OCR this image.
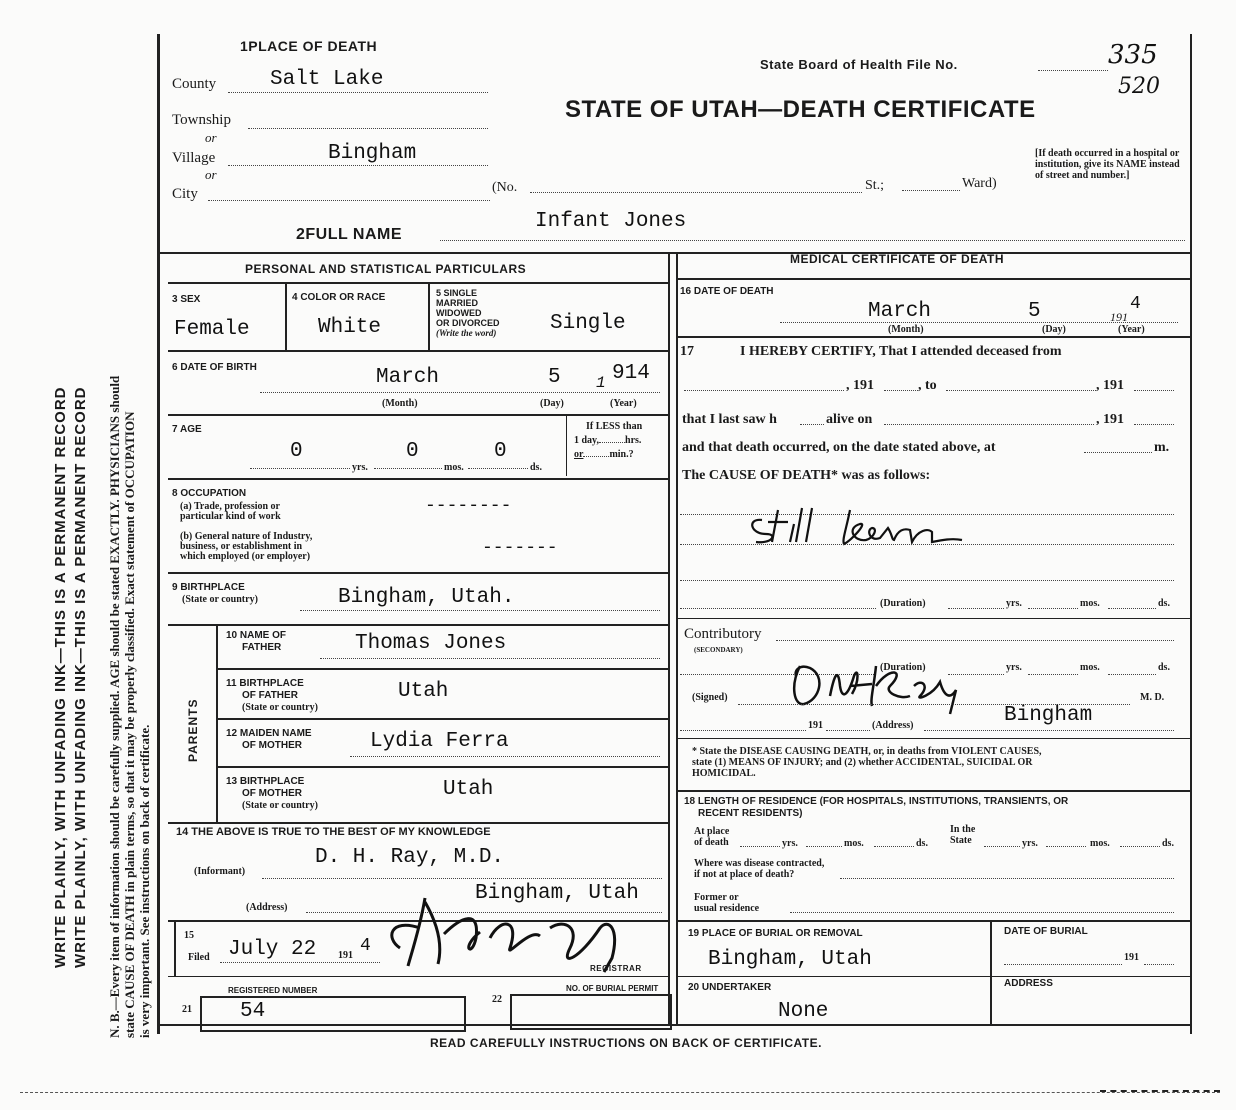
WRITE PLAINLY, WITH UNFADING INK—THIS IS A PERMANENT RECORD WRITE PLAINLY, WITH UNFADING INK—THIS IS A PERMANENT RECORD N. B.—Every item of information should be carefully supplied. AGE should be stated EXACTLY. PHYSICIANS should state CAUSE OF DEATH in plain terms, so that it may be properly classified. Exact statement of OCCUPATION is very important. See instructions on back of certificate.
1PLACE OF DEATH
County	Salt Lake
Township
or
Village	Bingham
or
City	(No.	St.;	Ward)
[If death occurred in a hospital or institution, give its NAME instead of street and number.]
State Board of Health File No.	335
520
STATE OF UTAH—DEATH CERTIFICATE
2FULL NAME
Infant Jones
PERSONAL AND STATISTICAL PARTICULARS
3 SEX
Female
4 COLOR OR RACE
White
5 SINGLE
MARRIED
WIDOWED
OR DIVORCED
(Write the word)	Single
6 DATE OF BIRTH	March	5 1 914
(Month)	(Day)	(Year)
7 AGE
0	0	0
yrs.	mos.	ds.
If LESS than
1 day,	hrs.
or	min.?
8 OCCUPATION
(a) Trade, profession or
particular kind of work
--------
(b) General nature of Industry,
business, or establishment in
which employed (or employer)	-------
9 BIRTHPLACE
(State or country)	Bingham, Utah.
PARENTS
10 NAME OF
FATHER	Thomas Jones
11 BIRTHPLACE
OF FATHER
(State or country)
Utah
12 MAIDEN NAME
OF MOTHER	Lydia Ferra
13 BIRTHPLACE
OF MOTHER
(State or country)
Utah
14 THE ABOVE IS TRUE TO THE BEST OF MY KNOWLEDGE
D. H. Ray, M.D.
(Informant)
Bingham, Utah
(Address)
15
Filed July 22 191 4
REGISTRAR
21
REGISTERED NUMBER
54
22
NO. OF BURIAL PERMIT
MEDICAL CERTIFICATE OF DEATH
16 DATE OF DEATH
March	5	191
4
(Month)	(Day)	(Year)
17	I HEREBY CERTIFY, That I attended deceased from
, 191	, to	, 191
that I last saw h	alive on	, 191
and that death occurred, on the date stated above, at	m.
The CAUSE OF DEATH* was as follows:
(Duration)	yrs.	mos.	ds.
Contributory
(SECONDARY)
(Duration)	yrs.	mos.	ds.
(Signed)	M. D.
191	(Address)	Bingham
* State the DISEASE CAUSING DEATH, or, in deaths from VIOLENT CAUSES,
state (1) MEANS OF INJURY; and (2) whether ACCIDENTAL, SUICIDAL OR
HOMICIDAL.
18 LENGTH OF RESIDENCE (FOR HOSPITALS, INSTITUTIONS, TRANSIENTS, OR
RECENT RESIDENTS)
At place
of death	yrs.	mos.	ds.
In the
State	yrs.	mos.	ds.
Where was disease contracted,
if not at place of death?
Former or
usual residence
19 PLACE OF BURIAL OR REMOVAL
Bingham, Utah
DATE OF BURIAL
191
20 UNDERTAKER
None
ADDRESS
READ CAREFULLY INSTRUCTIONS ON BACK OF CERTIFICATE.
